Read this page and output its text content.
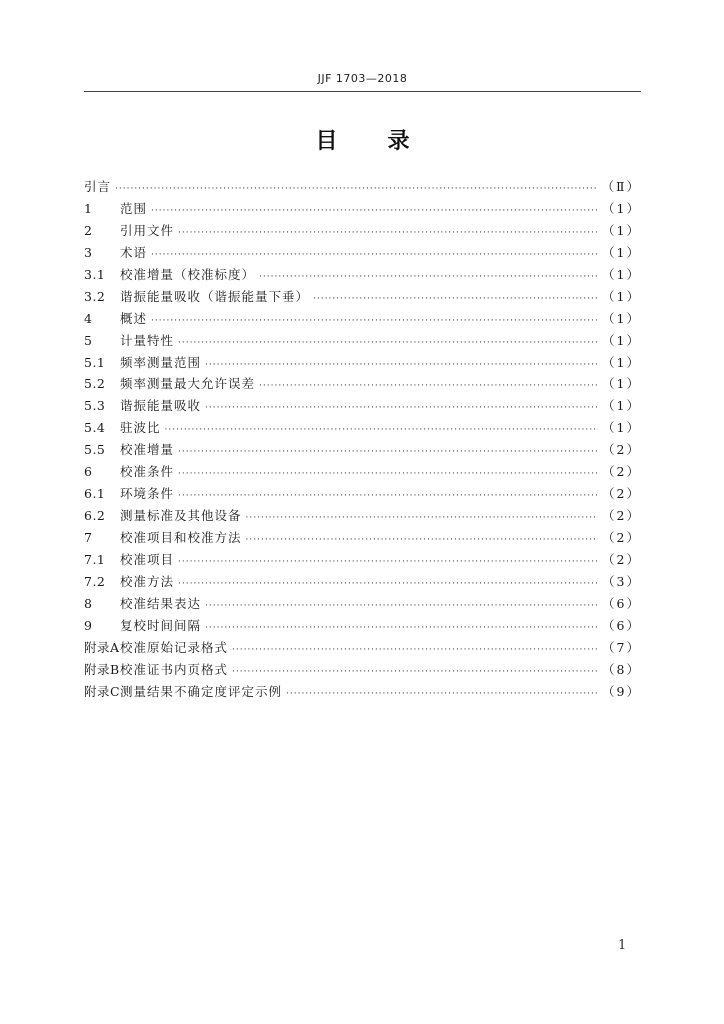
JJF 1703—2018
目 录
引言 ·····	（Ⅱ）
1	范围 ·····	（1）
2	引用文件 ·····	（1）
3	术语 ·····	（1）
3.1	校准增量（校准标度） ·····	（1）
3.2	谐振能量吸收（谐振能量下垂） ·····	（1）
4	概述 ·····	（1）
5	计量特性 ·····	（1）
5.1	频率测量范围 ·····	（1）
5.2	频率测量最大允许误差 ·····	（1）
5.3	谐振能量吸收 ·····	（1）
5.4	驻波比 ·····	（1）
5.5	校准增量 ·····	（2）
6	校准条件 ·····	（2）
6.1	环境条件 ·····	（2）
6.2	测量标准及其他设备 ·····	（2）
7	校准项目和校准方法 ·····	（2）
7.1	校准项目 ·····	（2）
7.2	校准方法 ·····	（3）
8	校准结果表达 ·····	（6）
9	复校时间间隔 ·····	（6）
附录A 校准原始记录格式 ·····	（7）
附录B 校准证书内页格式 ·····	（8）
附录C 测量结果不确定度评定示例 ·····	（9）
1
